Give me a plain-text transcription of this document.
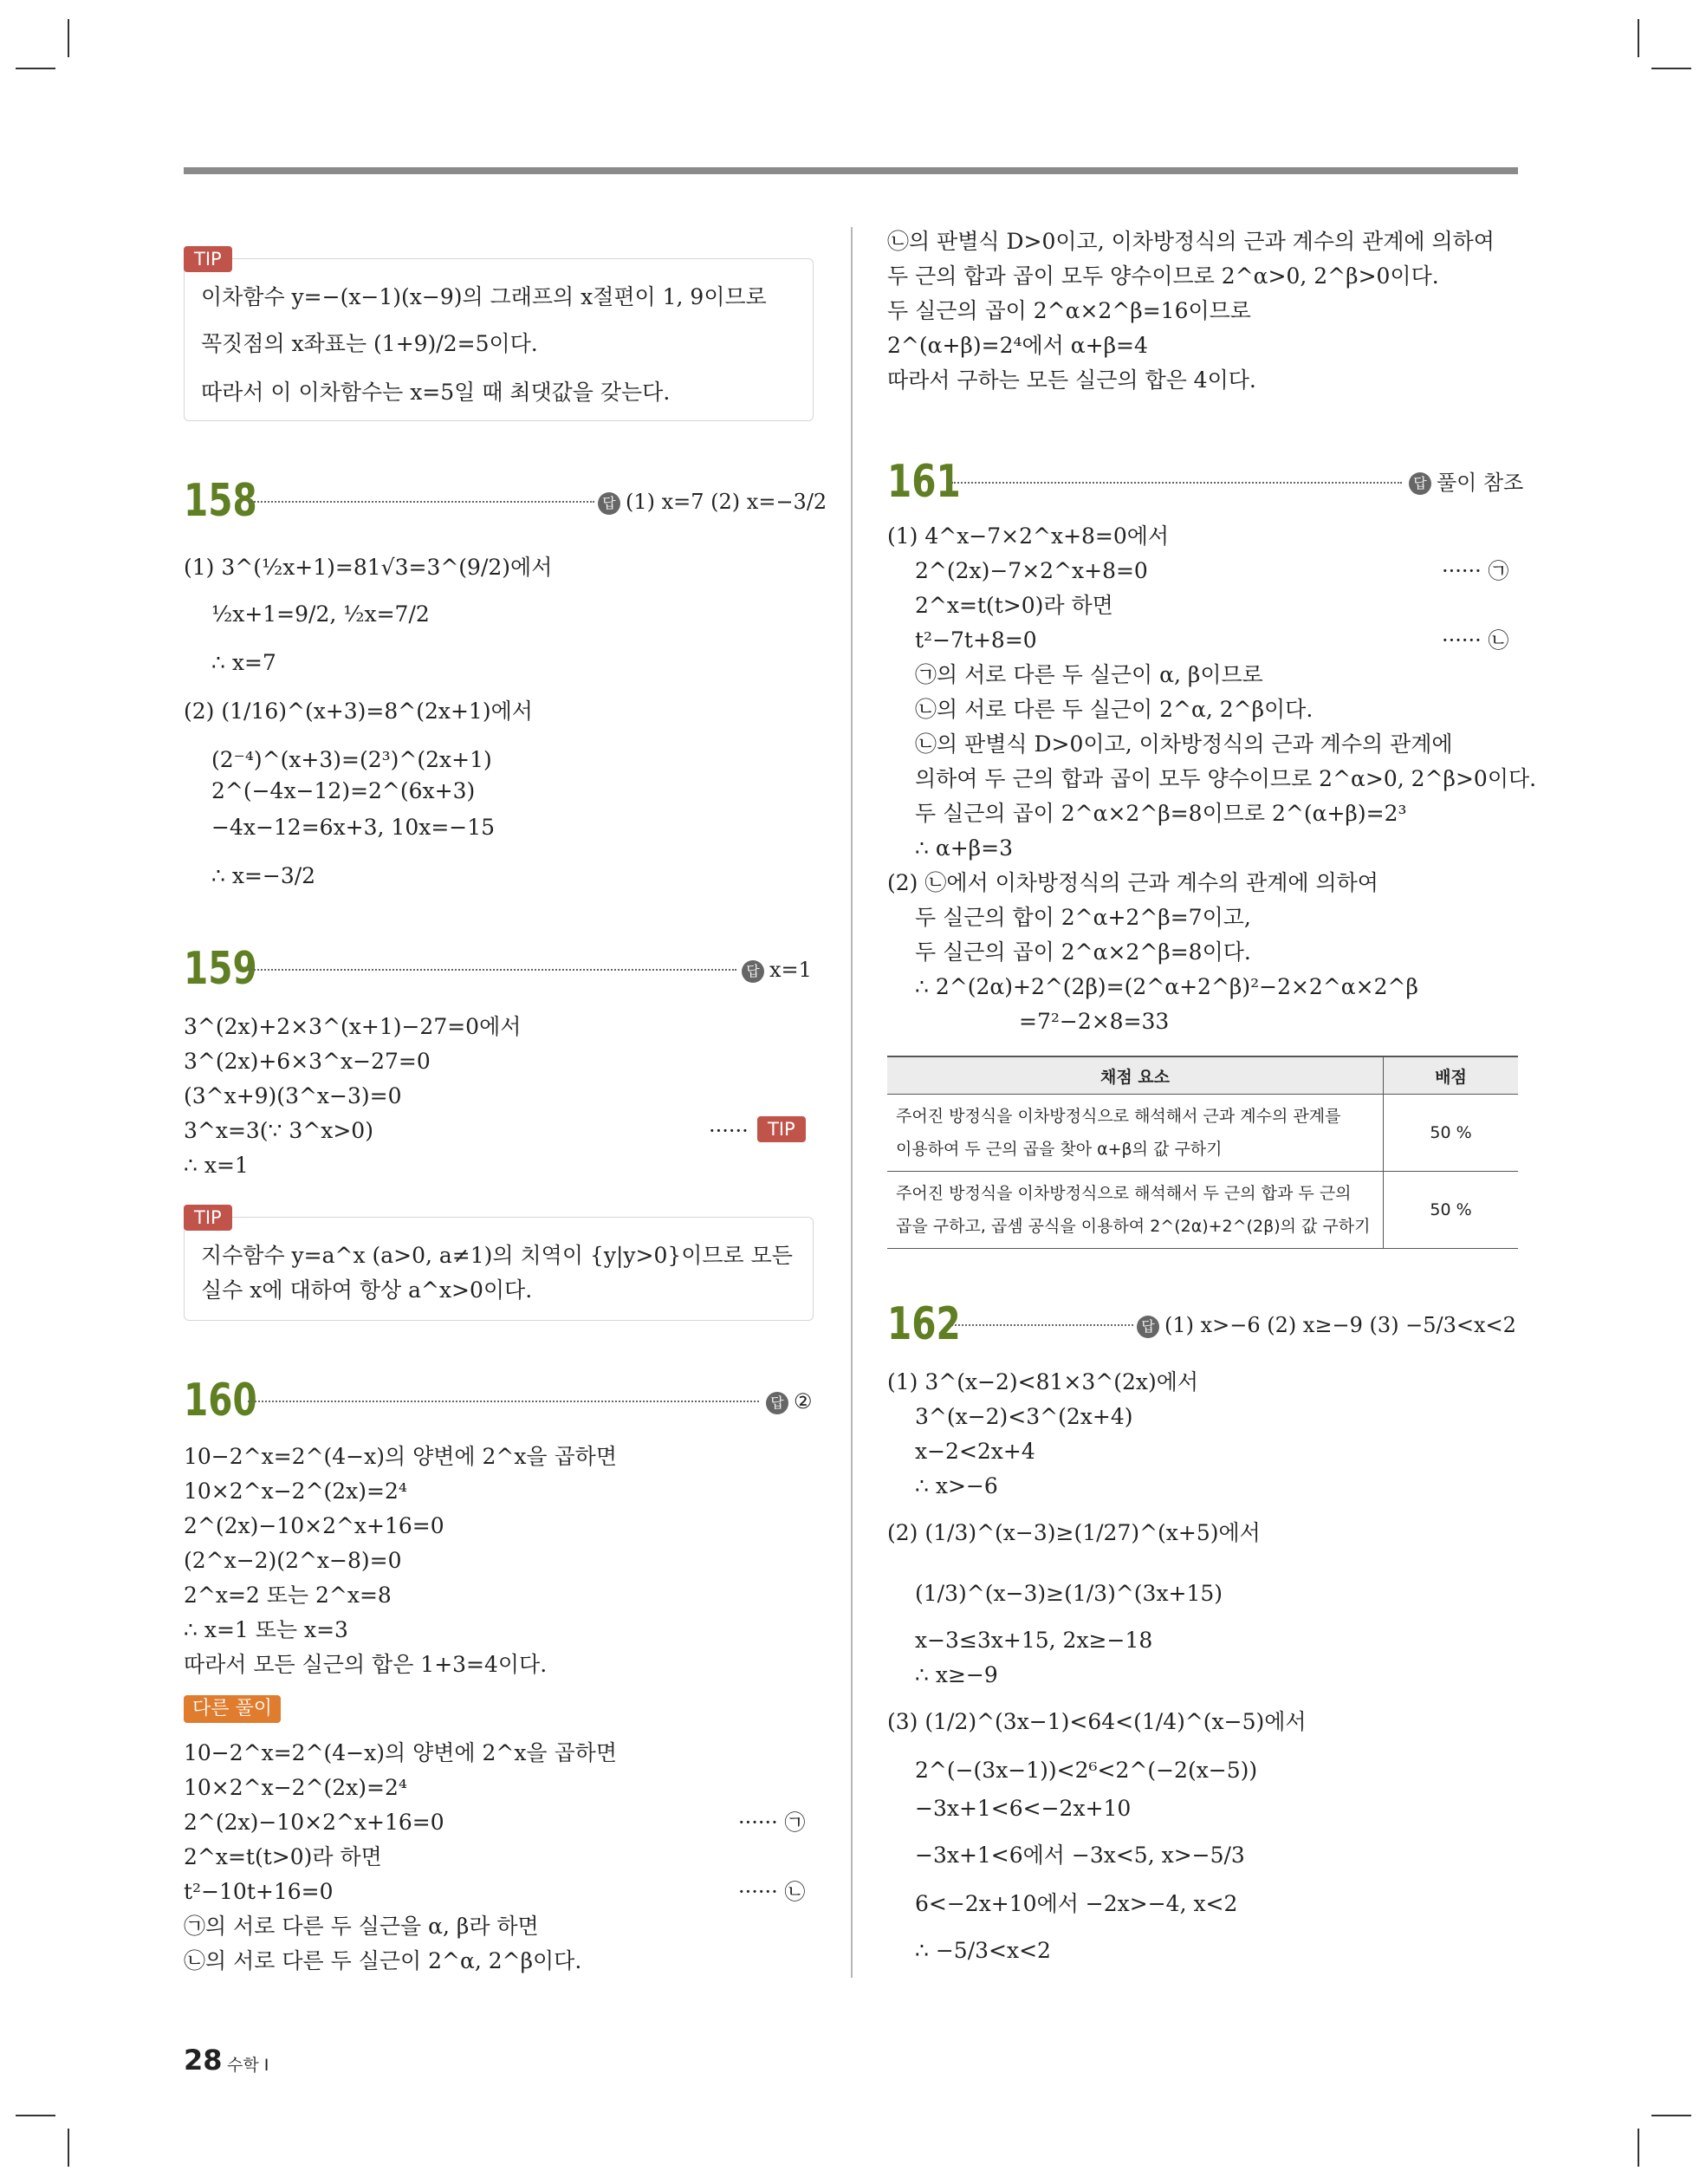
TIP
이차함수 y=−(x−1)(x−9)의 그래프의 x절편이 1, 9이므로
꼭짓점의 x좌표는 (1+9)/2=5이다.
따라서 이 이차함수는 x=5일 때 최댓값을 갖는다.
158	답 (1) x=7 (2) x=−3/2
(1) 3^(½x+1)=81√3=3^(9/2)에서
½x+1=9/2, ½x=7/2
∴ x=7
(2) (1/16)^(x+3)=8^(2x+1)에서
(2⁻⁴)^(x+3)=(2³)^(2x+1)
2^(−4x−12)=2^(6x+3)
−4x−12=6x+3, 10x=−15
∴ x=−3/2
159	답 x=1
3^(2x)+2×3^(x+1)−27=0에서
3^(2x)+6×3^x−27=0
(3^x+9)(3^x−3)=0
3^x=3(∵ 3^x>0)	······	TIP
∴ x=1
TIP
지수함수 y=a^x (a>0, a≠1)의 치역이 {y|y>0}이므로 모든
실수 x에 대하여 항상 a^x>0이다.
160	답 ②
10−2^x=2^(4−x)의 양변에 2^x을 곱하면
10×2^x−2^(2x)=2⁴
2^(2x)−10×2^x+16=0
(2^x−2)(2^x−8)=0
2^x=2 또는 2^x=8
∴ x=1 또는 x=3
따라서 모든 실근의 합은 1+3=4이다.
다른 풀이
10−2^x=2^(4−x)의 양변에 2^x을 곱하면
10×2^x−2^(2x)=2⁴
2^(2x)−10×2^x+16=0	······ ㉠
2^x=t(t>0)라 하면
t²−10t+16=0	······ ㉡
㉠의 서로 다른 두 실근을 α, β라 하면
㉡의 서로 다른 두 실근이 2^α, 2^β이다.
㉡의 판별식 D>0이고, 이차방정식의 근과 계수의 관계에 의하여
두 근의 합과 곱이 모두 양수이므로 2^α>0, 2^β>0이다.
두 실근의 곱이 2^α×2^β=16이므로
2^(α+β)=2⁴에서 α+β=4
따라서 구하는 모든 실근의 합은 4이다.
161	답 풀이 참조
(1) 4^x−7×2^x+8=0에서
2^(2x)−7×2^x+8=0	······ ㉠
2^x=t(t>0)라 하면
t²−7t+8=0	······ ㉡
㉠의 서로 다른 두 실근이 α, β이므로
㉡의 서로 다른 두 실근이 2^α, 2^β이다.
㉡의 판별식 D>0이고, 이차방정식의 근과 계수의 관계에
의하여 두 근의 합과 곱이 모두 양수이므로 2^α>0, 2^β>0이다.
두 실근의 곱이 2^α×2^β=8이므로 2^(α+β)=2³
∴ α+β=3
(2) ㉡에서 이차방정식의 근과 계수의 관계에 의하여
두 실근의 합이 2^α+2^β=7이고,
두 실근의 곱이 2^α×2^β=8이다.
∴ 2^(2α)+2^(2β)=(2^α+2^β)²−2×2^α×2^β
=7²−2×8=33
채점 요소	배점

주어진 방정식을 이차방정식으로 해석해서 근과 계수의 관계를
이용하여 두 근의 곱을 찾아 α+β의 값 구하기	50 %

주어진 방정식을 이차방정식으로 해석해서 두 근의 합과 두 근의
곱을 구하고, 곱셈 공식을 이용하여 2^(2α)+2^(2β)의 값 구하기	50 %
162	답 (1) x>−6 (2) x≥−9 (3) −5/3<x<2
(1) 3^(x−2)<81×3^(2x)에서
3^(x−2)<3^(2x+4)
x−2<2x+4
∴ x>−6
(2) (1/3)^(x−3)≥(1/27)^(x+5)에서
(1/3)^(x−3)≥(1/3)^(3x+15)
x−3≤3x+15, 2x≥−18
∴ x≥−9
(3) (1/2)^(3x−1)<64<(1/4)^(x−5)에서
2^(−(3x−1))<2⁶<2^(−2(x−5))
−3x+1<6<−2x+10
−3x+1<6에서 −3x<5, x>−5/3
6<−2x+10에서 −2x>−4, x<2
∴ −5/3<x<2
28 수학 I
